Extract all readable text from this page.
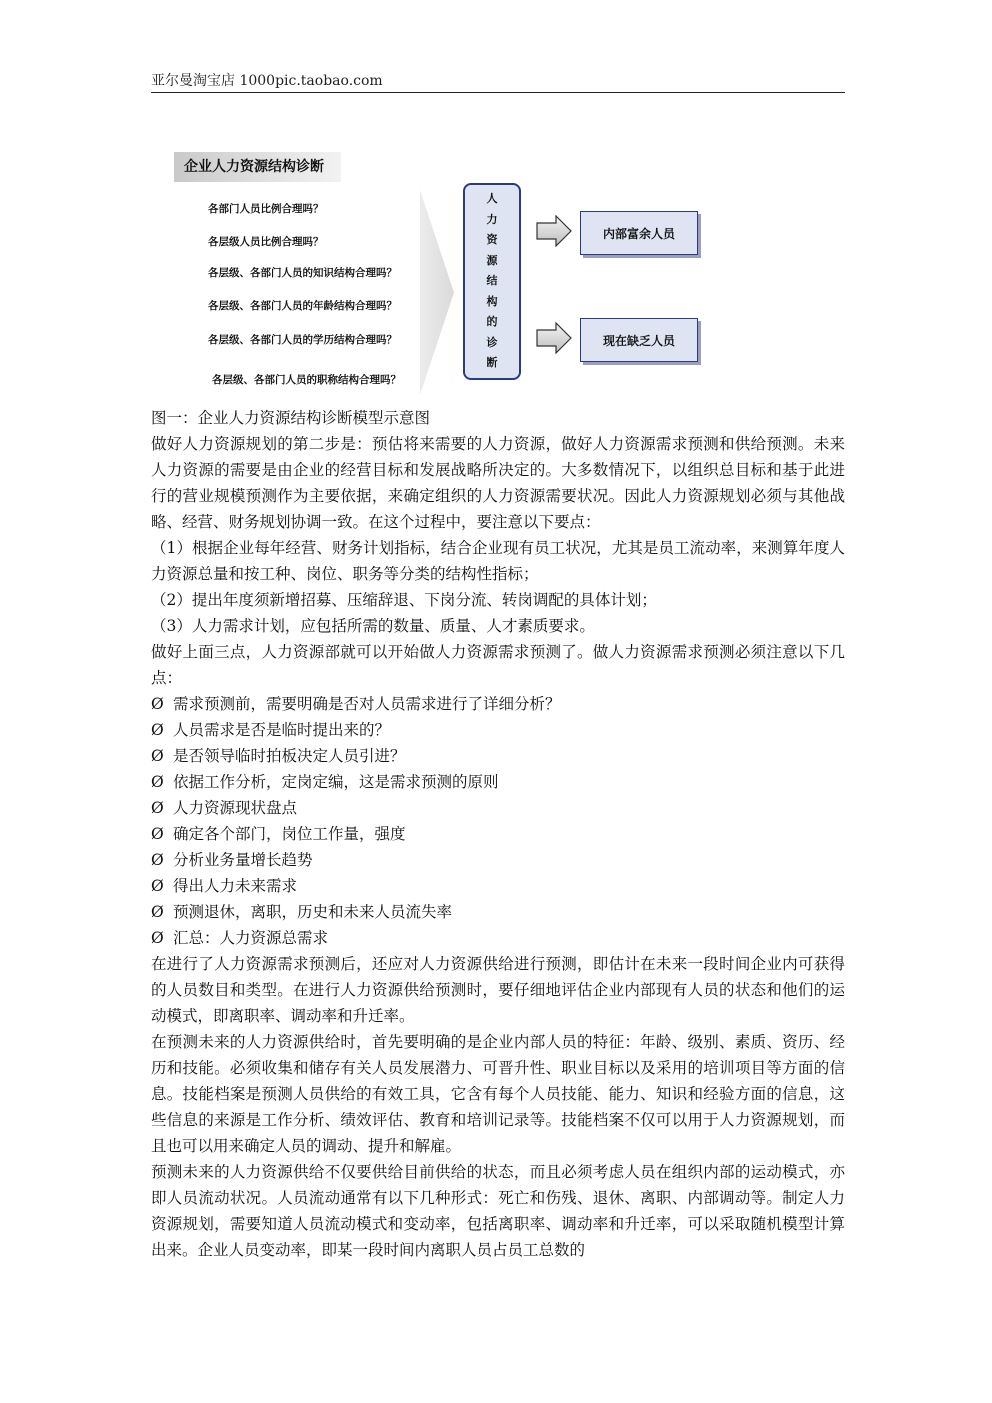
亚尔曼淘宝店 1000pic.taobao.com
企业人力资源结构诊断
各部门人员比例合理吗？
各层级人员比例合理吗？
各层级、各部门人员的知识结构合理吗？
各层级、各部门人员的年龄结构合理吗？
各层级、各部门人员的学历结构合理吗？
各层级、各部门人员的职称结构合理吗？
人
力
资
源
结
构
的
诊
断
内部富余人员
现在缺乏人员

图一：企业人力资源结构诊断模型示意图

做好人力资源规划的第二步是：预估将来需要的人力资源，做好人力资源需求预测和供给预测。未来人力资源的需要是由企业的经营目标和发展战略所决定的。大多数情况下，以组织总目标和基于此进行的营业规模预测作为主要依据，来确定组织的人力资源需要状况。因此人力资源规划必须与其他战略、经营、财务规划协调一致。在这个过程中，要注意以下要点：

（1）根据企业每年经营、财务计划指标，结合企业现有员工状况，尤其是员工流动率，来测算年度人力资源总量和按工种、岗位、职务等分类的结构性指标；

（2）提出年度须新增招募、压缩辞退、下岗分流、转岗调配的具体计划；

（3）人力需求计划，应包括所需的数量、质量、人才素质要求。

做好上面三点，人力资源部就可以开始做人力资源需求预测了。做人力资源需求预测必须注意以下几点：

Ø 需求预测前，需要明确是否对人员需求进行了详细分析？
Ø 人员需求是否是临时提出来的？
Ø 是否领导临时拍板决定人员引进？
Ø 依据工作分析，定岗定编，这是需求预测的原则
Ø 人力资源现状盘点
Ø 确定各个部门，岗位工作量，强度
Ø 分析业务量增长趋势
Ø 得出人力未来需求
Ø 预测退休，离职，历史和未来人员流失率
Ø 汇总：人力资源总需求

在进行了人力资源需求预测后，还应对人力资源供给进行预测，即估计在未来一段时间企业内可获得的人员数目和类型。在进行人力资源供给预测时，要仔细地评估企业内部现有人员的状态和他们的运动模式，即离职率、调动率和升迁率。

在预测未来的人力资源供给时，首先要明确的是企业内部人员的特征：年龄、级别、素质、资历、经历和技能。必须收集和储存有关人员发展潜力、可晋升性、职业目标以及采用的培训项目等方面的信息。技能档案是预测人员供给的有效工具，它含有每个人员技能、能力、知识和经验方面的信息，这些信息的来源是工作分析、绩效评估、教育和培训记录等。技能档案不仅可以用于人力资源规划，而且也可以用来确定人员的调动、提升和解雇。

预测未来的人力资源供给不仅要供给目前供给的状态，而且必须考虑人员在组织内部的运动模式，亦即人员流动状况。人员流动通常有以下几种形式：死亡和伤残、退休、离职、内部调动等。制定人力资源规划，需要知道人员流动模式和变动率，包括离职率、调动率和升迁率，可以采取随机模型计算出来。企业人员变动率，即某一段时间内离职人员占员工总数的
